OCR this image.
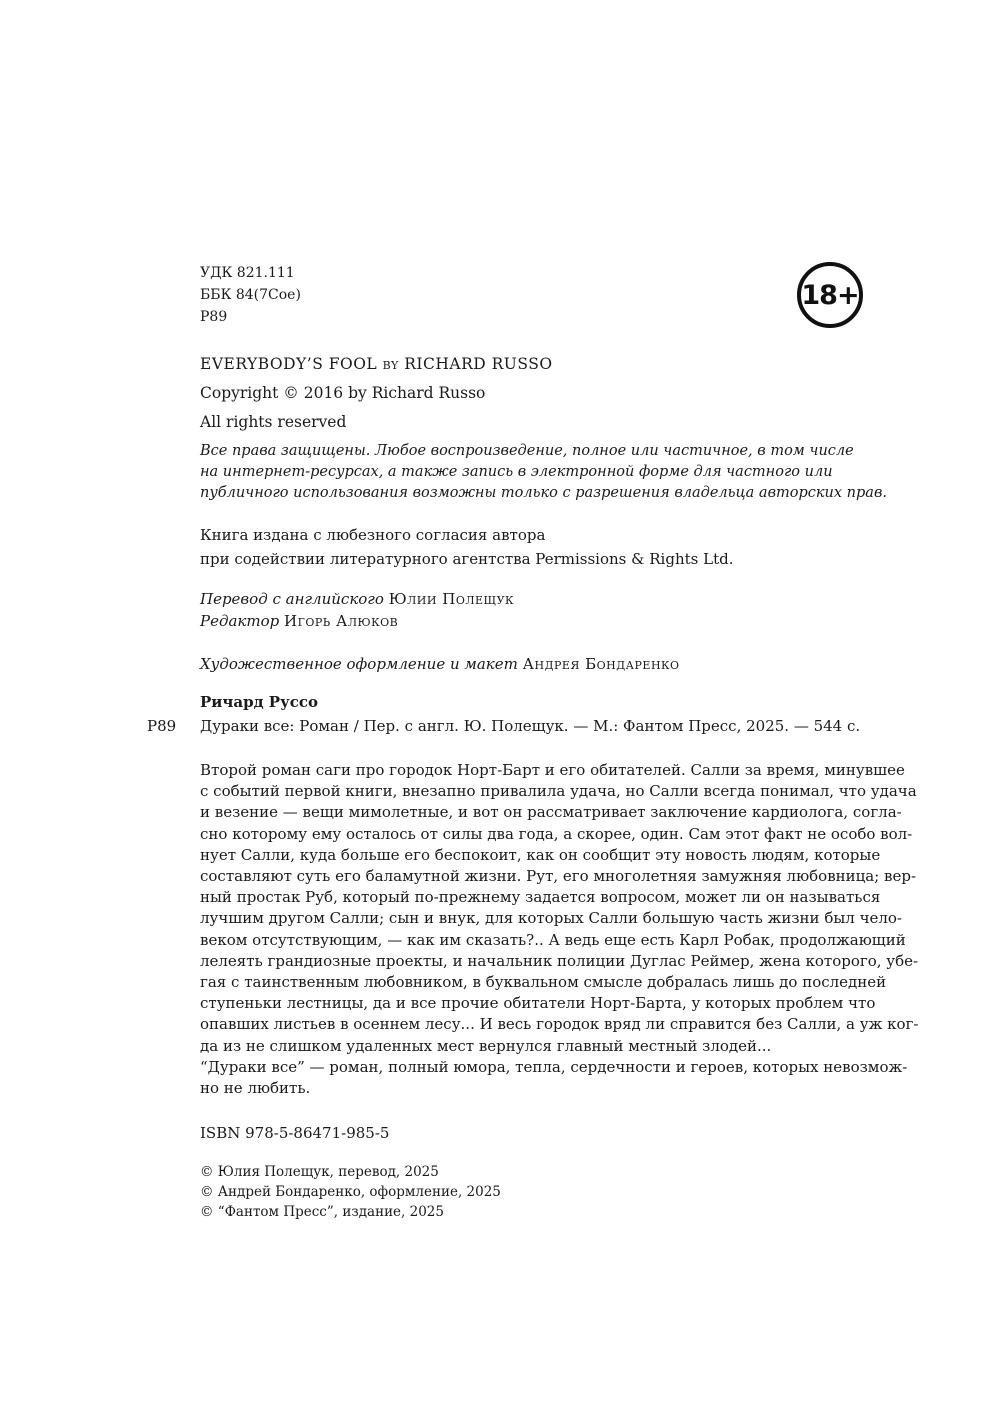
УДК 821.111
ББК 84(7Сое)
Р89
18+
EVERYBODY’S FOOL by RICHARD RUSSO
Copyright © 2016 by Richard Russo
All rights reserved
Все права защищены. Любое воспроизведение, полное или частичное, в том числе
на интернет-ресурсах, а также запись в электронной форме для частного или
публичного использования возможны только с разрешения владельца авторских прав.
Книга издана с любезного согласия автора
при содействии литературного агентства Permissions & Rights Ltd.
Перевод с английского Юлии Полещук
Редактор Игорь Алюков
Художественное оформление и макет Андрея Бондаренко
Ричард Руссо
Р89 Дураки все: Роман / Пер. с англ. Ю. Полещук. — М.: Фантом Пресс, 2025. — 544 с.
Второй роман саги про городок Норт-Барт и его обитателей. Салли за время, минувшее
с событий первой книги, внезапно привалила удача, но Салли всегда понимал, что удача
и везение — вещи мимолетные, и вот он рассматривает заключение кардиолога, согла-
сно которому ему осталось от силы два года, а скорее, один. Сам этот факт не особо вол-
нует Салли, куда больше его беспокоит, как он сообщит эту новость людям, которые
составляют суть его баламутной жизни. Рут, его многолетняя замужняя любовница; вер-
ный простак Руб, который по-прежнему задается вопросом, может ли он называться
лучшим другом Салли; сын и внук, для которых Салли большую часть жизни был чело-
веком отсутствующим, — как им сказать?.. А ведь еще есть Карл Робак, продолжающий
лелеять грандиозные проекты, и начальник полиции Дуглас Реймер, жена которого, убе-
гая с таинственным любовником, в буквальном смысле добралась лишь до последней
ступеньки лестницы, да и все прочие обитатели Норт-Барта, у которых проблем что
опавших листьев в осеннем лесу... И весь городок вряд ли справится без Салли, а уж ког-
да из не слишком удаленных мест вернулся главный местный злодей...
“Дураки все” — роман, полный юмора, тепла, сердечности и героев, которых невозмож-
но не любить.
ISBN 978-5-86471-985-5
© Юлия Полещук, перевод, 2025
© Андрей Бондаренко, оформление, 2025
© “Фантом Пресс”, издание, 2025
